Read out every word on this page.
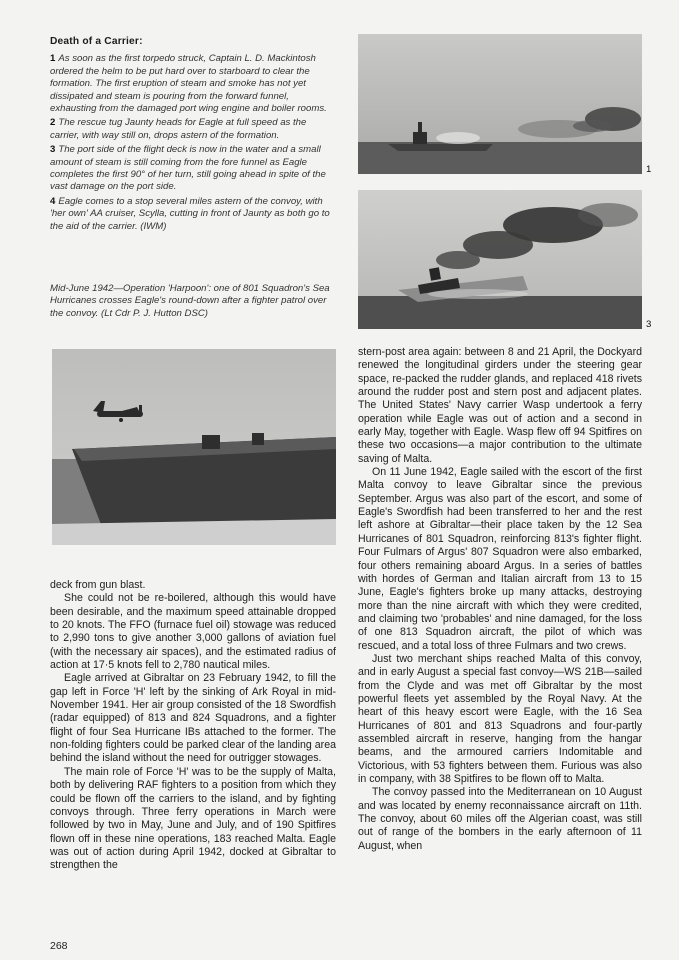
Death of a Carrier:

1 As soon as the first torpedo struck, Captain L. D. Mackintosh ordered the helm to be put hard over to starboard to clear the formation. The first eruption of steam and smoke has not yet dissipated and steam is pouring from the forward funnel, exhausting from the damaged port wing engine and boiler rooms.

2 The rescue tug Jaunty heads for Eagle at full speed as the carrier, with way still on, drops astern of the formation.

3 The port side of the flight deck is now in the water and a small amount of steam is still coming from the fore funnel as Eagle completes the first 90° of her turn, still going ahead in spite of the vast damage on the port side.

4 Eagle comes to a stop several miles astern of the convoy, with 'her own' AA cruiser, Scylla, cutting in front of Jaunty as both go to the aid of the carrier. (IWM)

Mid-June 1942—Operation 'Harpoon': one of 801 Squadron's Sea Hurricanes crosses Eagle's round-down after a fighter patrol over the convoy. (Lt Cdr P. J. Hutton DSC)
1
3

deck from gun blast.

She could not be re-boilered, although this would have been desirable, and the maximum speed attainable dropped to 20 knots. The FFO (furnace fuel oil) stowage was reduced to 2,990 tons to give another 3,000 gallons of aviation fuel (with the necessary air spaces), and the estimated radius of action at 17·5 knots fell to 2,780 nautical miles.

Eagle arrived at Gibraltar on 23 February 1942, to fill the gap left in Force 'H' left by the sinking of Ark Royal in mid-November 1941. Her air group consisted of the 18 Swordfish (radar equipped) of 813 and 824 Squadrons, and a fighter flight of four Sea Hurricane IBs attached to the former. The non-folding fighters could be parked clear of the landing area behind the island without the need for outrigger stowages.

The main role of Force 'H' was to be the supply of Malta, both by delivering RAF fighters to a position from which they could be flown off the carriers to the island, and by fighting convoys through. Three ferry operations in March were followed by two in May, June and July, and of 190 Spitfires flown off in these nine operations, 183 reached Malta. Eagle was out of action during April 1942, docked at Gibraltar to strengthen the

stern-post area again: between 8 and 21 April, the Dockyard renewed the longitudinal girders under the steering gear space, re-packed the rudder glands, and replaced 418 rivets around the rudder post and stern post and adjacent plates. The United States' Navy carrier Wasp undertook a ferry operation while Eagle was out of action and a second in early May, together with Eagle. Wasp flew off 94 Spitfires on these two occasions—a major contribution to the ultimate saving of Malta.

On 11 June 1942, Eagle sailed with the escort of the first Malta convoy to leave Gibraltar since the previous September. Argus was also part of the escort, and some of Eagle's Swordfish had been transferred to her and the rest left ashore at Gibraltar—their place taken by the 12 Sea Hurricanes of 801 Squadron, reinforcing 813's fighter flight. Four Fulmars of Argus' 807 Squadron were also embarked, four others remaining aboard Argus. In a series of battles with hordes of German and Italian aircraft from 13 to 15 June, Eagle's fighters broke up many attacks, destroying more than the nine aircraft with which they were credited, and claiming two 'probables' and nine damaged, for the loss of one 813 Squadron aircraft, the pilot of which was rescued, and a total loss of three Fulmars and two crews.

Just two merchant ships reached Malta of this convoy, and in early August a special fast convoy—WS 21B—sailed from the Clyde and was met off Gibraltar by the most powerful fleets yet assembled by the Royal Navy. At the heart of this heavy escort were Eagle, with the 16 Sea Hurricanes of 801 and 813 Squadrons and four-partly assembled aircraft in reserve, hanging from the hangar beams, and the armoured carriers Indomitable and Victorious, with 53 fighters between them. Furious was also in company, with 38 Spitfires to be flown off to Malta.

The convoy passed into the Mediterranean on 10 August and was located by enemy reconnaissance aircraft on 11th. The convoy, about 60 miles off the Algerian coast, was still out of range of the bombers in the early afternoon of 11 August, when

268
